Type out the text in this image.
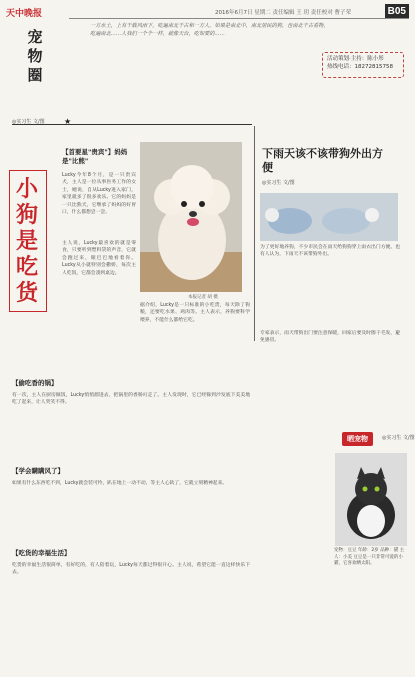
天中晚报
宠 物 圈
2016年6月7日 星期二 责任编辑 王 玥 责任校对 曹子荣	B05
一方水土，上有千载风雨下，吃遍南北千古和一方人。如果是南北中，南北居民的狗，也南北千古看物，吃遍南北……人我们一个个一样，就像天台，吃如要的……
活动策划·主持：陈小彤
热线电话：18272815758
◎实习生 文/图 ★
小狗是吃货
【首要星"贵宾"】妈妈是"比熊"
Lucky今年8个月，是一只贵宾犬，主人是一位从事医务工作的女士，她说，自从Lucky进入家门，家里就多了很多欢乐。它的妈妈是一只比熊犬，它继承了妈妈的好胃口，什么都想尝一尝。
主人说，Lucky最喜欢的就是零食，只要听到塑料袋的声音，它就会跑过来，眼巴巴地看着你。Lucky从小就特别会撒娇，每次主人吃饭，它都会凑到桌边。
本报记者 胡 摄
据介绍，Lucky是一只标准的小吃货，每天除了狗粮，还要吃水果、鸡肉等。主人表示，养狗要科学喂养，不能什么都给它吃。
【偷吃香的锅】
有一次，主人在厨房做饭，Lucky悄悄溜进去，把锅里的香肠叼走了。主人发现时，它已经躲到沙发底下美美地吃了起来，让人哭笑不得。
【学会瞒瞒风了】
如果有什么东西吃不到，Lucky就会装可怜，趴在地上一动不动，等主人心软了，它就立刻精神起来。
【吃货的幸福生活】
吃货的幸福生活很简单，有好吃的，有人陪着玩，Lucky每天都过得很开心。主人说，希望它能一直这样快乐下去。
下雨天该不该带狗外出方便
◎实习生 文/图
为了更好地养狗，不少市民会在雨天给狗狗穿上雨衣出门方便。也有人认为，下雨天不该带狗外出。
专家表示，雨天带狗出门要注意保暖，回家后要及时擦干毛发，避免感冒。
晒宠物	◎实习生 文/图
宠物：豆豆 年龄：2岁 品种：猫 主人：小美 豆豆是一只非常可爱的小猫，它喜欢晒太阳。
